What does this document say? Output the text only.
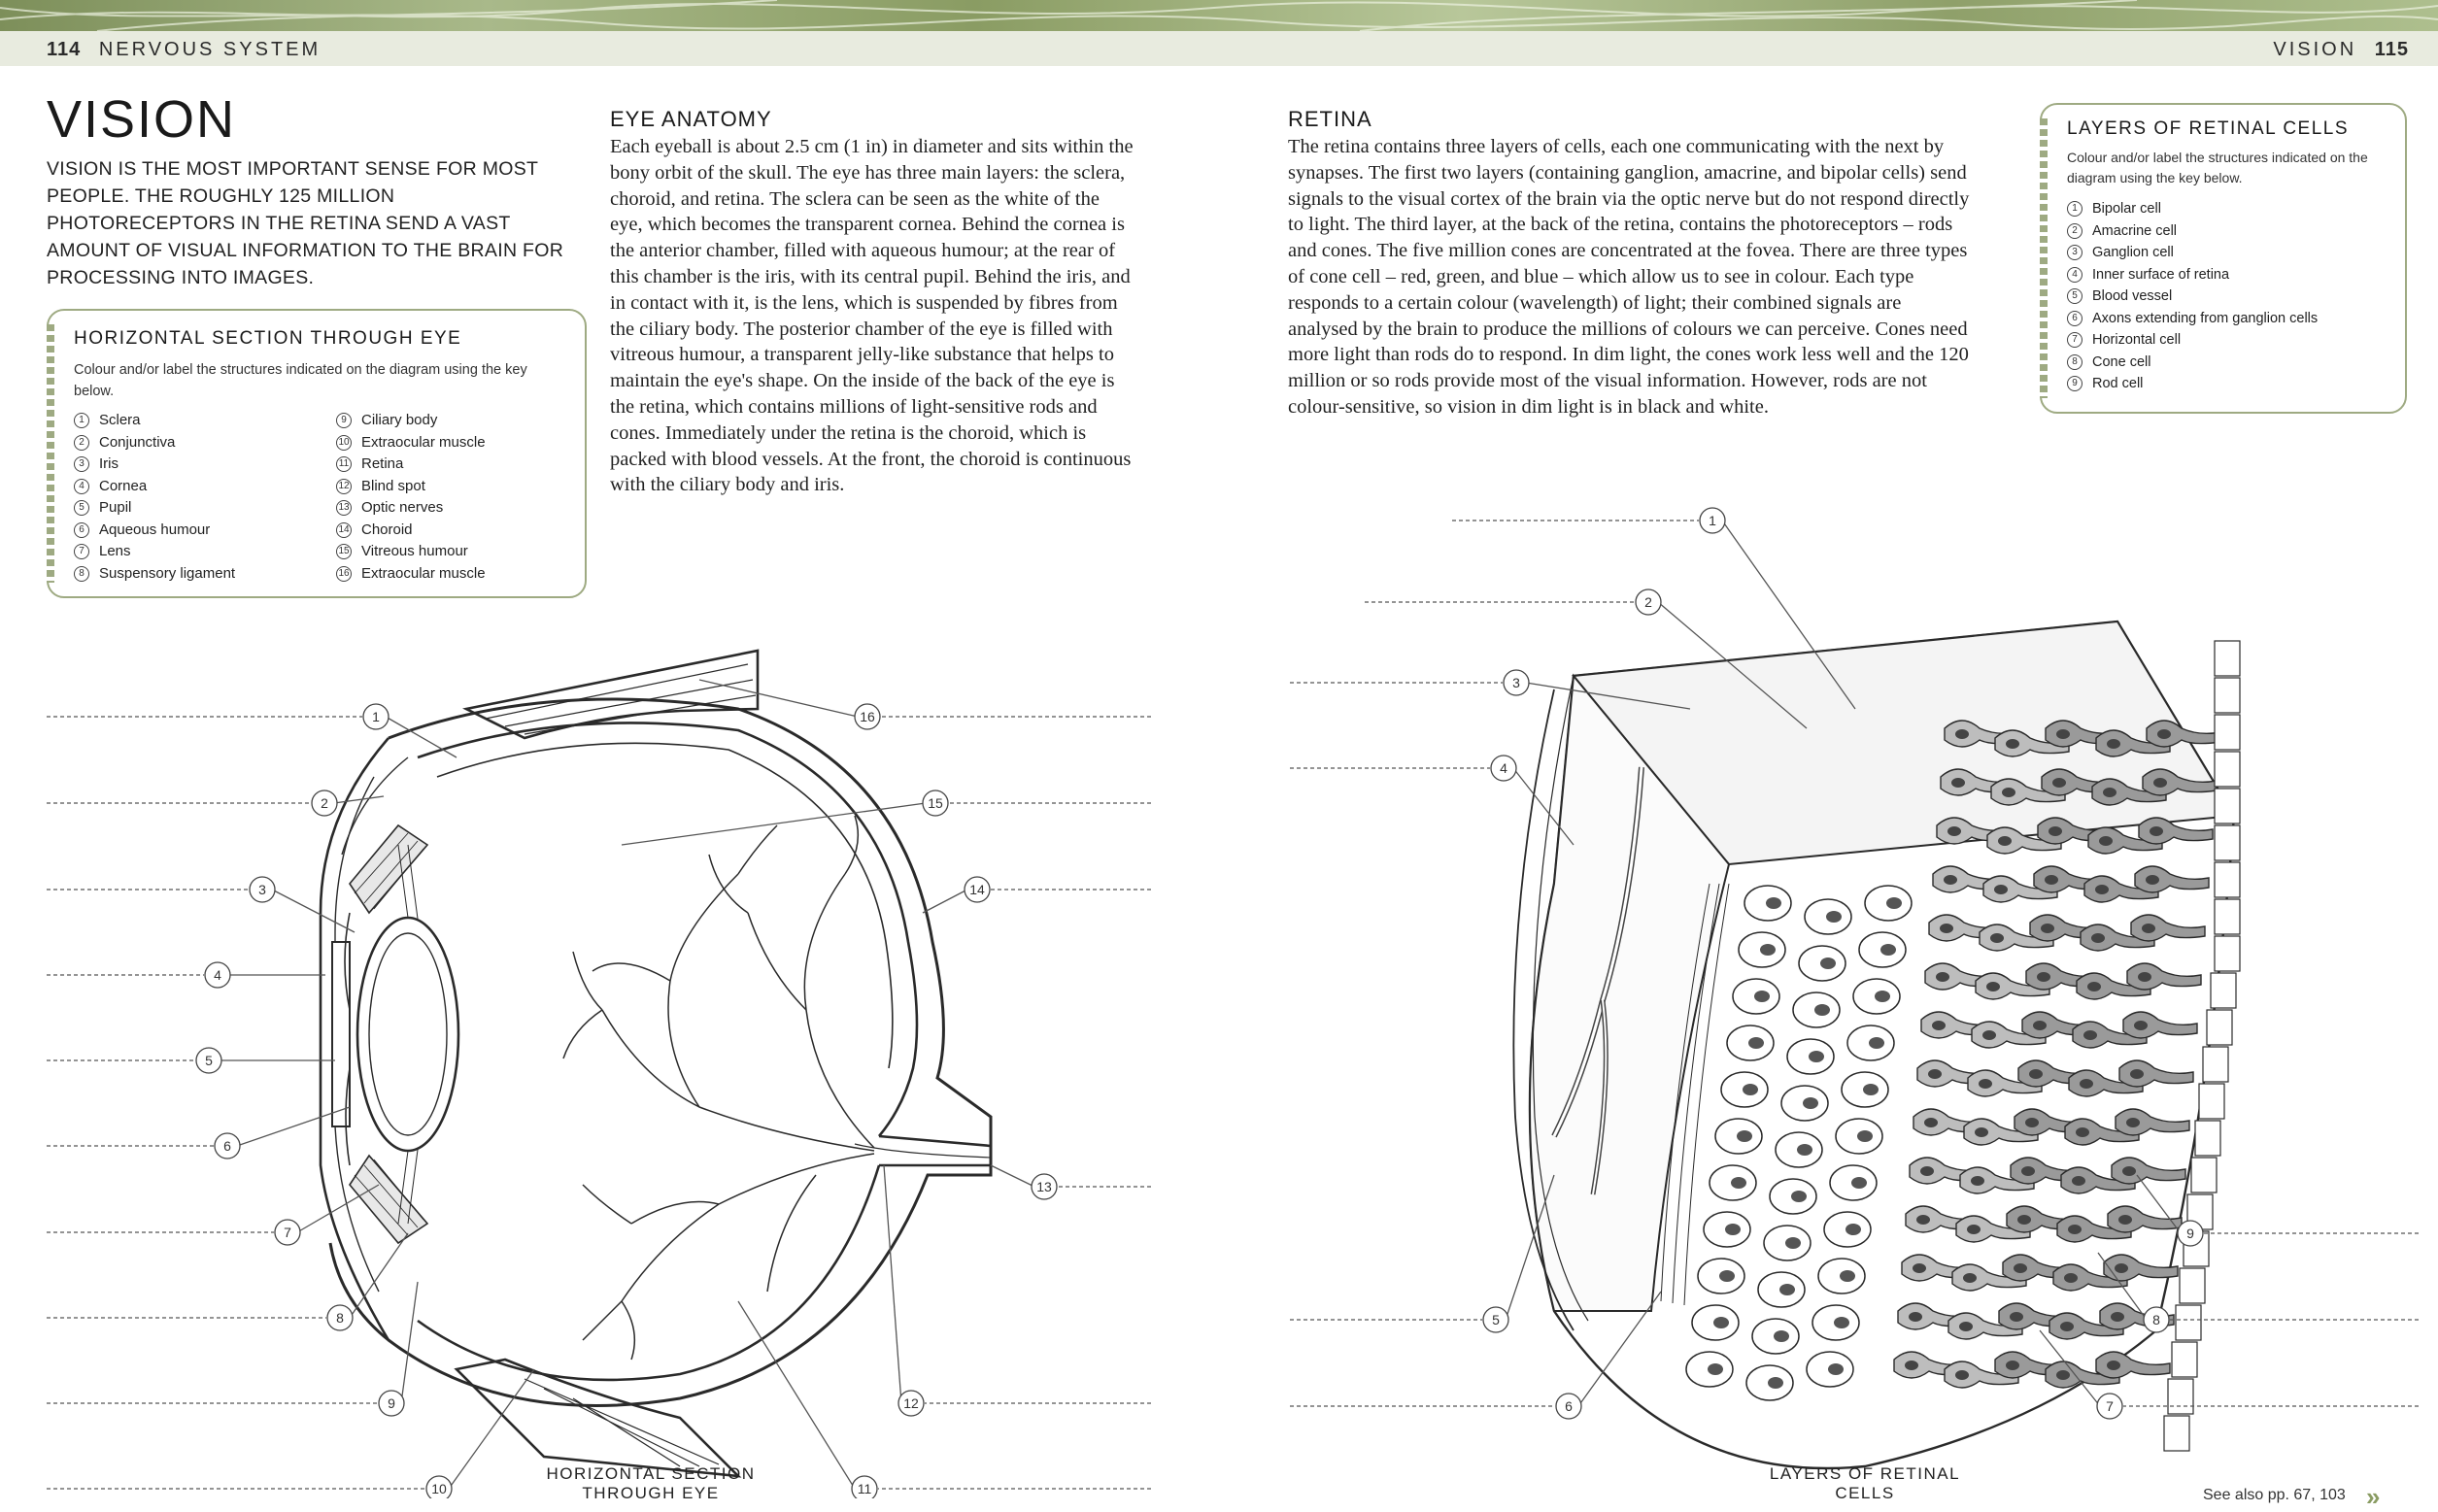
114 NERVOUS SYSTEM	VISION 115
VISION
VISION IS THE MOST IMPORTANT SENSE FOR MOST PEOPLE. THE ROUGHLY 125 MILLION PHOTORECEPTORS IN THE RETINA SEND A VAST AMOUNT OF VISUAL INFORMATION TO THE BRAIN FOR PROCESSING INTO IMAGES.
HORIZONTAL SECTION THROUGH EYE
Colour and/or label the structures indicated on the diagram using the key below.
1	Sclera
2	Conjunctiva
3	Iris
4	Cornea
5	Pupil
6	Aqueous humour
7	Lens
8	Suspensory ligament
9	Ciliary body
10 Extraocular muscle
11 Retina
12 Blind spot
13 Optic nerves
14 Choroid
15 Vitreous humour
16 Extraocular muscle
EYE ANATOMY
Each eyeball is about 2.5 cm (1 in) in diameter and sits within the bony orbit of the skull. The eye has three main layers: the sclera, choroid, and retina. The sclera can be seen as the white of the eye, which becomes the transparent cornea. Behind the cornea is the anterior chamber, filled with aqueous humour; at the rear of this chamber is the iris, with its central pupil. Behind the iris, and in contact with it, is the lens, which is suspended by fibres from the ciliary body. The posterior chamber of the eye is filled with vitreous humour, a transparent jelly-like substance that helps to maintain the eye's shape. On the inside of the back of the eye is the retina, which contains millions of light-sensitive rods and cones. Immediately under the retina is the choroid, which is packed with blood vessels. At the front, the choroid is continuous with the ciliary body and iris.
RETINA
The retina contains three layers of cells, each one communicating with the next by synapses. The first two layers (containing ganglion, amacrine, and bipolar cells) send signals to the visual cortex of the brain via the optic nerve but do not respond directly to light. The third layer, at the back of the retina, contains the photoreceptors – rods and cones. The five million cones are concentrated at the fovea. There are three types of cone cell – red, green, and blue – which allow us to see in colour. Each type responds to a certain colour (wavelength) of light; their combined signals are analysed by the brain to produce the millions of colours we can perceive. Cones need more light than rods do to respond. In dim light, the cones work less well and the 120 million or so rods provide most of the visual information. However, rods are not colour-sensitive, so vision in dim light is in black and white.
LAYERS OF RETINAL CELLS
Colour and/or label the structures indicated on the diagram using the key below.
1	Bipolar cell
2	Amacrine cell
3	Ganglion cell
4	Inner surface of retina
5	Blood vessel
6	Axons extending from ganglion cells
7	Horizontal cell
8	Cone cell
9	Rod cell
1
2
3
4
5
6
7
8
9
10
16
15
14
13
12
11
HORIZONTAL SECTION THROUGH EYE
1
2
3
4
5
6
9
8
7
LAYERS OF RETINAL CELLS	See also pp. 67, 103 »
